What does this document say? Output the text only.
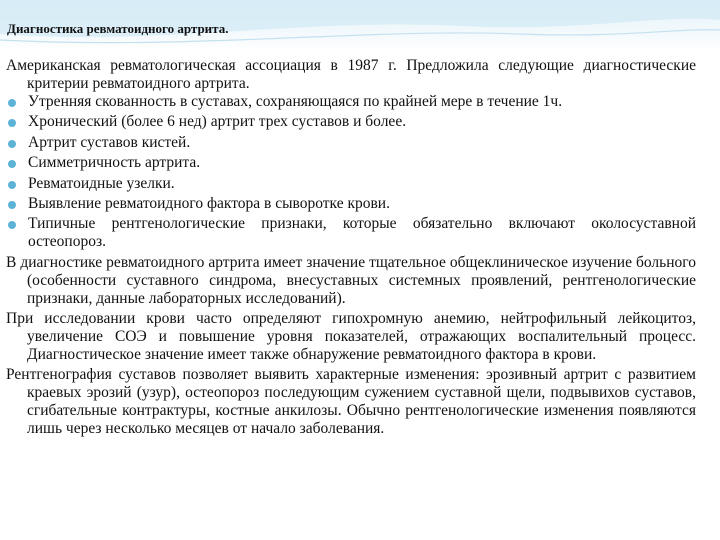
Диагностика ревматоидного артрита.

Американская ревматологическая ассоциация в 1987 г. Предложила следующие диагностические критерии ревматоидного артрита.

Утренняя скованность в суставах, сохраняющаяся по крайней мере в течение 1ч.
Хронический (более 6 нед) артрит трех суставов и более.
Артрит суставов кистей.
Симметричность артрита.
Ревматоидные узелки.
Выявление ревматоидного фактора в сыворотке крови.
Типичные рентгенологические признаки, которые обязательно включают околосуставной остеопороз.

В диагностике ревматоидного артрита имеет значение тщательное общеклиническое изучение больного (особенности суставного синдрома, внесуставных системных проявлений, рентгенологические признаки, данные лабораторных исследований).

При исследовании крови часто определяют гипохромную анемию, нейтрофильный лейкоцитоз, увеличение СОЭ и повышение уровня показателей, отражающих воспалительный процесс. Диагностическое значение имеет также обнаружение ревматоидного фактора в крови.

Рентгенография суставов позволяет выявить характерные изменения: эрозивный артрит с развитием краевых эрозий (узур), остеопороз последующим сужением суставной щели, подвывихов суставов, сгибательные контрактуры, костные анкилозы. Обычно рентгенологические изменения появляются лишь через несколько месяцев от начало заболевания.
